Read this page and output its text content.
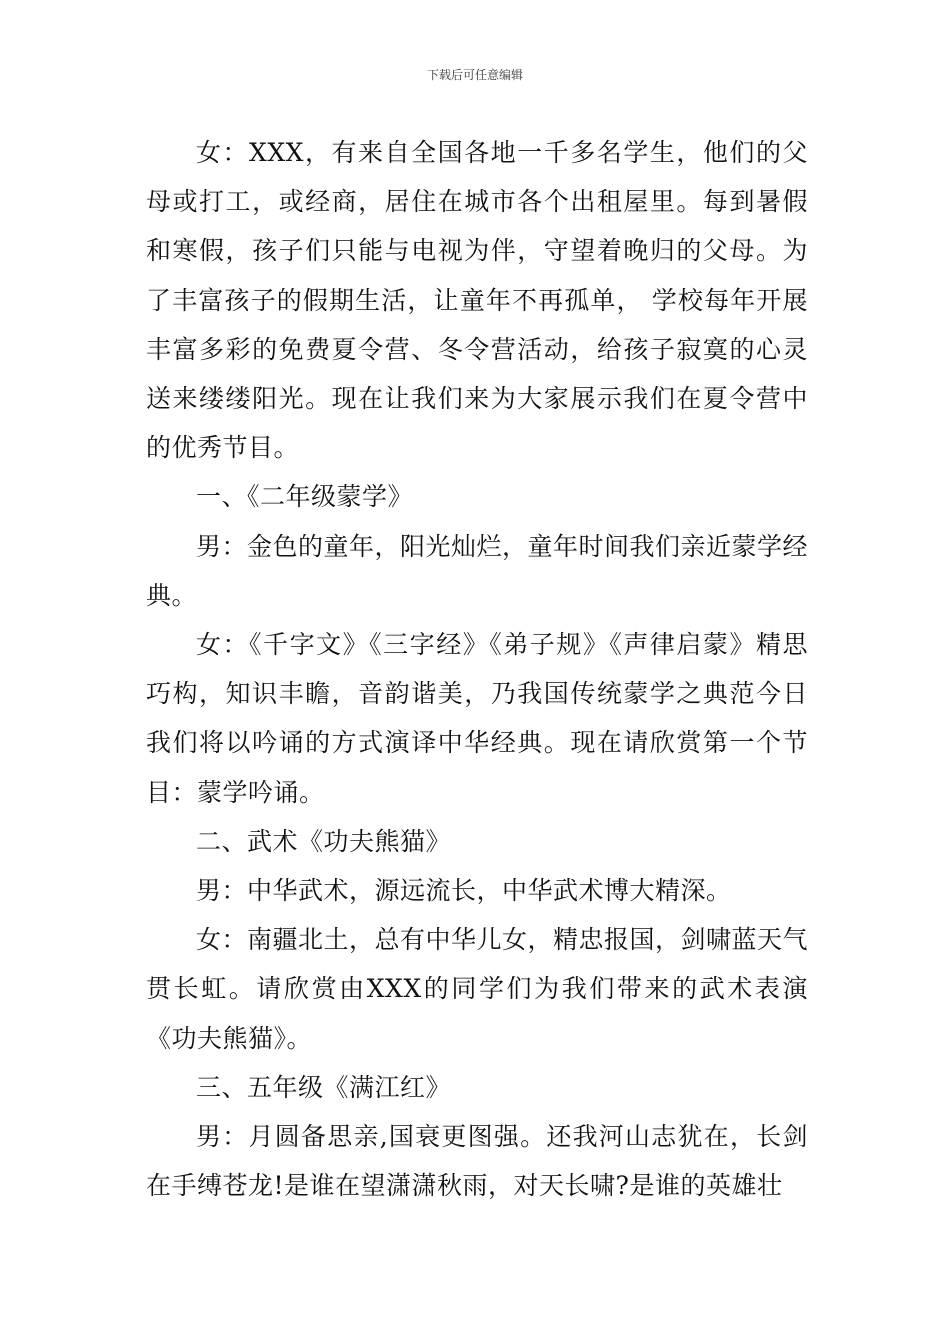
下载后可任意编辑

女：XXX，有来自全国各地一千多名学生，他们的父母或打工，或经商，居住在城市各个出租屋里。每到暑假和寒假，孩子们只能与电视为伴，守望着晚归的父母。为了丰富孩子的假期生活，让童年不再孤单， 学校每年开展丰富多彩的免费夏令营、冬令营活动，给孩子寂寞的心灵送来缕缕阳光。现在让我们来为大家展示我们在夏令营中的优秀节目。

一、《二年级蒙学》

男：金色的童年，阳光灿烂，童年时间我们亲近蒙学经典。

女：《千字文》《三字经》《弟子规》《声律启蒙》精思巧构，知识丰瞻，音韵谐美，乃我国传统蒙学之典范今日我们将以吟诵的方式演译中华经典。现在请欣赏第一个节目：蒙学吟诵。

二、武术《功夫熊猫》

男：中华武术，源远流长，中华武术博大精深。

女：南疆北土，总有中华儿女，精忠报国，剑啸蓝天气贯长虹。请欣赏由XXX的同学们为我们带来的武术表演《功夫熊猫》。

三、五年级《满江红》

男：月圆备思亲,国衰更图强。还我河山志犹在，长剑在手缚苍龙!是谁在望潇潇秋雨，对天长啸?是谁的英雄壮
